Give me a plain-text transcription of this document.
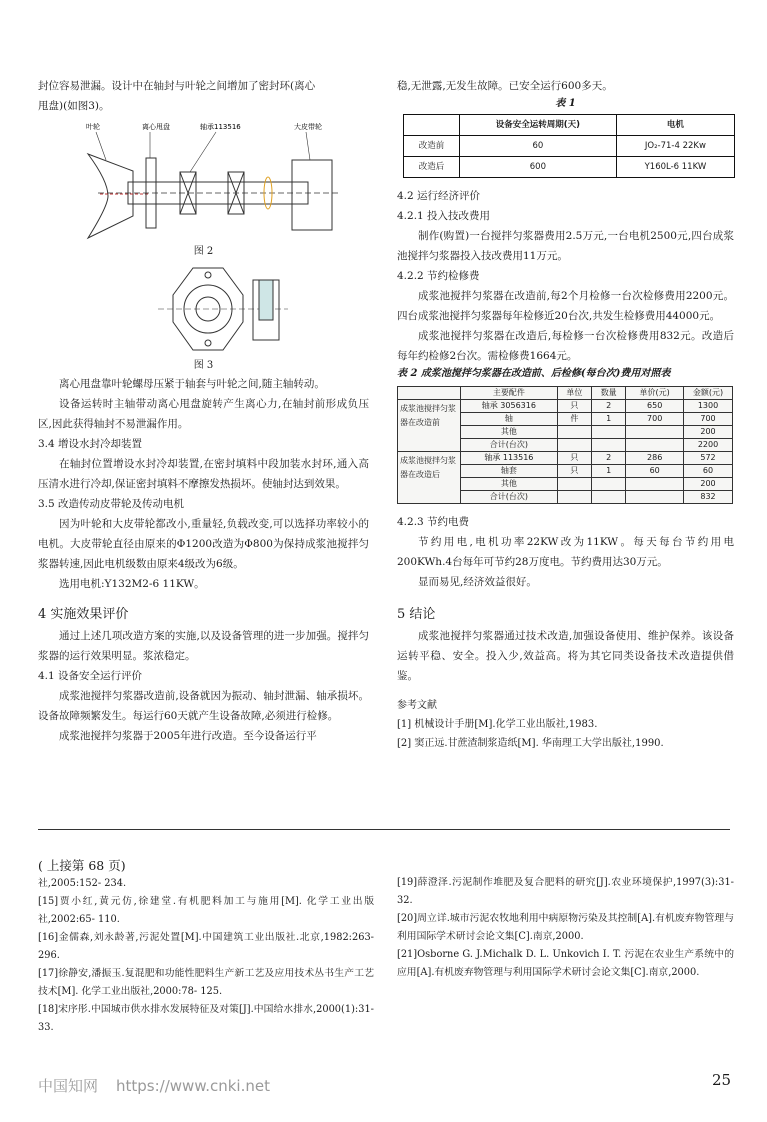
封位容易泄漏。设计中在轴封与叶轮之间增加了密封环(离心

甩盘)(如图3)。

叶轮	离心甩盘	轴承113516	大皮带轮

图 2

图 3

离心甩盘靠叶轮螺母压紧于轴套与叶轮之间,随主轴转动。

设备运转时主轴带动离心甩盘旋转产生离心力,在轴封前形成负压区,因此获得轴封不易泄漏作用。

3.4 增设水封冷却装置

在轴封位置增设水封冷却装置,在密封填料中段加装水封环,通入高压清水进行冷却,保证密封填料不摩擦发热损坏。使轴封达到效果。

3.5 改造传动皮带轮及传动电机

因为叶轮和大皮带轮都改小,重量轻,负载改变,可以选择功率较小的电机。大皮带轮直径由原来的Φ1200改造为Φ800为保持成浆池搅拌匀浆器转速,因此电机级数由原来4级改为6级。

选用电机:Y132M2-6 11KW。

4 实施效果评价

通过上述几项改造方案的实施,以及设备管理的进一步加强。搅拌匀浆器的运行效果明显。浆浓稳定。

4.1 设备安全运行评价

成浆池搅拌匀浆器改造前,设备就因为振动、轴封泄漏、轴承损坏。设备故障频繁发生。每运行60天就产生设备故障,必须进行检修。

成浆池搅拌匀浆器于2005年进行改造。至今设备运行平

稳,无泄露,无发生故障。已安全运行600多天。

表 1

	设备安全运转周期(天)	电机
改造前	60	JO₂-71-4 22Kw
改造后	600	Y160L-6 11KW

4.2 运行经济评价

4.2.1 投入技改费用

制作(购置)一台搅拌匀浆器费用2.5万元,一台电机2500元,四台成浆池搅拌匀浆器投入技改费用11万元。

4.2.2 节约检修费

成浆池搅拌匀浆器在改造前,每2个月检修一台次检修费用2200元。四台成浆池搅拌匀浆器每年检修近20台次,共发生检修费用44000元。

成浆池搅拌匀浆器在改造后,每检修一台次检修费用832元。改造后每年约检修2台次。需检修费1664元。

表 2 成浆池搅拌匀浆器在改造前、后检修(每台次)费用对照表

	主要配件	单位	数量	单价(元)	金额(元)
成浆池搅拌匀浆器在改造前	轴承 3056316	只	2	650	1300
	轴	件	1	700	700
	其他				200
	合计(台次)				2200
成浆池搅拌匀浆器在改造后	轴承 113516	只	2	286	572
	轴套	只	1	60	60
	其他				200
	合计(台次)				832

4.2.3 节约电费

节约用电,电机功率22KW改为11KW。每天每台节约用电200KWh.4台每年可节约28万度电。节约费用达30万元。

显而易见,经济效益很好。

5 结论

成浆池搅拌匀浆器通过技术改造,加强设备使用、维护保养。该设备运转平稳、安全。投入少,效益高。将为其它同类设备技术改造提供借鉴。

参考文献

[1] 机械设计手册[M].化学工业出版社,1983.

[2] 窦正远.甘蔗渣制浆造纸[M]. 华南理工大学出版社,1990.

( 上接第 68 页)

社,2005:152- 234.

[15]贾小红,黄元仿,徐建堂.有机肥料加工与施用[M]. 化学工业出版社,2002:65- 110.

[16]金儒森,刘永龄著,污泥处置[M].中国建筑工业出版社.北京,1982:263- 296.

[17]徐静安,潘振玉.复混肥和功能性肥料生产新工艺及应用技术丛书生产工艺技术[M]. 化学工业出版社,2000:78- 125.

[18]宋序彤.中国城市供水排水发展特征及对策[J].中国给水排水,2000(1):31- 33.

[19]薛澄泽.污泥制作堆肥及复合肥料的研究[J].农业环境保护,1997(3):31- 32.

[20]周立详.城市污泥农牧地利用中病原物污染及其控制[A].有机废弃物管理与利用国际学术研讨会论文集[C].南京,2000.

[21]Osborne G. J.Michalk D. L. Unkovich I. T. 污泥在农业生产系统中的应用[A].有机废弃物管理与利用国际学术研讨会论文集[C].南京,2000.

中国知网 https://www.cnki.net	25
